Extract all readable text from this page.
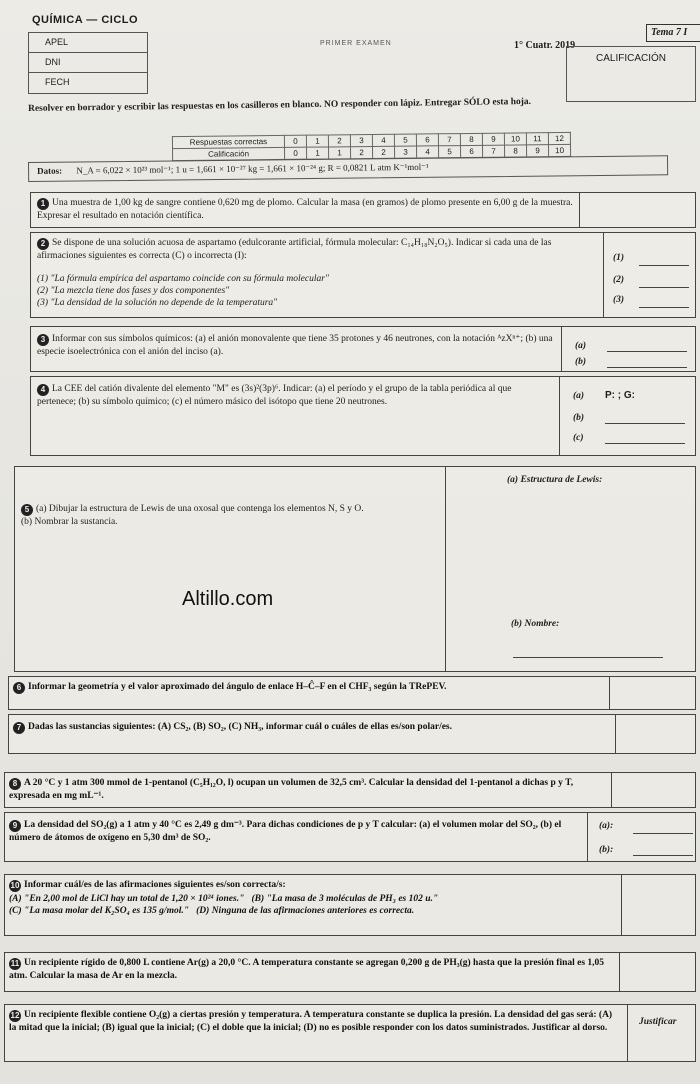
QUÍMICA — CICLO
APEL
DNI
FECH
PRIMER EXAMEN	1° Cuatr. 2019
Tema 7 I
CALIFICACIÓN
Resolver en borrador y escribir las respuestas en los casilleros en blanco. NO responder con lápiz. Entregar SÓLO esta hoja.
Respuestas correctas	0	1	2	3	4	5	6	7	8	9	10	11	12
Calificación	0	1	1	2	2	3	4	5	6	7	8	9	10
Datos: N_A = 6,022 × 10²³ mol⁻¹; 1 u = 1,661 × 10⁻²⁷ kg = 1,661 × 10⁻²⁴ g; R = 0,0821 L atm K⁻¹mol⁻¹
1 Una muestra de 1,00 kg de sangre contiene 0,620 mg de plomo. Calcular la masa (en gramos) de plomo presente en 6,00 g de la muestra. Expresar el resultado en notación científica.
2 Se dispone de una solución acuosa de aspartamo (edulcorante artificial, fórmula molecular: C₁₄H₁₈N₂O₅). Indicar si cada una de las afirmaciones siguientes es correcta (C) o incorrecta (I):
(1) "La fórmula empírica del aspartamo coincide con su fórmula molecular"
(2) "La mezcla tiene dos fases y dos componentes"
(3) "La densidad de la solución no depende de la temperatura"
(1)
(2)
(3)
3 Informar con sus símbolos químicos: (a) el anión monovalente que tiene 35 protones y 46 neutrones, con la notación ᴬzXⁿ⁺; (b) una especie isoelectrónica con el anión del inciso (a).
(a)
(b)
4 La CEE del catión divalente del elemento "M" es (3s)²(3p)⁶. Indicar: (a) el período y el grupo de la tabla periódica al que pertenece; (b) su símbolo químico; (c) el número másico del isótopo que tiene 20 neutrones.
(a) P: ; G:
(b)
(c)
5 (a) Dibujar la estructura de Lewis de una oxosal que contenga los elementos N, S y O.
(b) Nombrar la sustancia.
(a) Estructura de Lewis:
(b) Nombre:
Altillo.com
6 Informar la geometría y el valor aproximado del ángulo de enlace H–Ĉ–F en el CHF₃ según la TRePEV.
7 Dadas las sustancias siguientes: (A) CS₂, (B) SO₂, (C) NH₃, informar cuál o cuáles de ellas es/son polar/es.
8 A 20 °C y 1 atm 300 mmol de 1-pentanol (C₅H₁₂O, l) ocupan un volumen de 32,5 cm³. Calcular la densidad del 1-pentanol a dichas p y T, expresada en mg mL⁻¹.
9 La densidad del SO₂(g) a 1 atm y 40 °C es 2,49 g dm⁻³. Para dichas condiciones de p y T calcular: (a) el volumen molar del SO₂, (b) el número de átomos de oxígeno en 5,30 dm³ de SO₂.
(a):
(b):
10 Informar cuál/es de las afirmaciones siguientes es/son correcta/s:
(A) "En 2,00 mol de LiCl hay un total de 1,20 × 10²⁴ iones." (B) "La masa de 3 moléculas de PH₃ es 102 u."
(C) "La masa molar del K₂SO₄ es 135 g/mol." (D) Ninguna de las afirmaciones anteriores es correcta.
11 Un recipiente rígido de 0,800 L contiene Ar(g) a 20,0 °C. A temperatura constante se agregan 0,200 g de PH₃(g) hasta que la presión final es 1,05 atm. Calcular la masa de Ar en la mezcla.
12 Un recipiente flexible contiene O₂(g) a ciertas presión y temperatura. A temperatura constante se duplica la presión. La densidad del gas será: (A) la mitad que la inicial; (B) igual que la inicial; (C) el doble que la inicial; (D) no es posible responder con los datos suministrados. Justificar al dorso.
Justificar
